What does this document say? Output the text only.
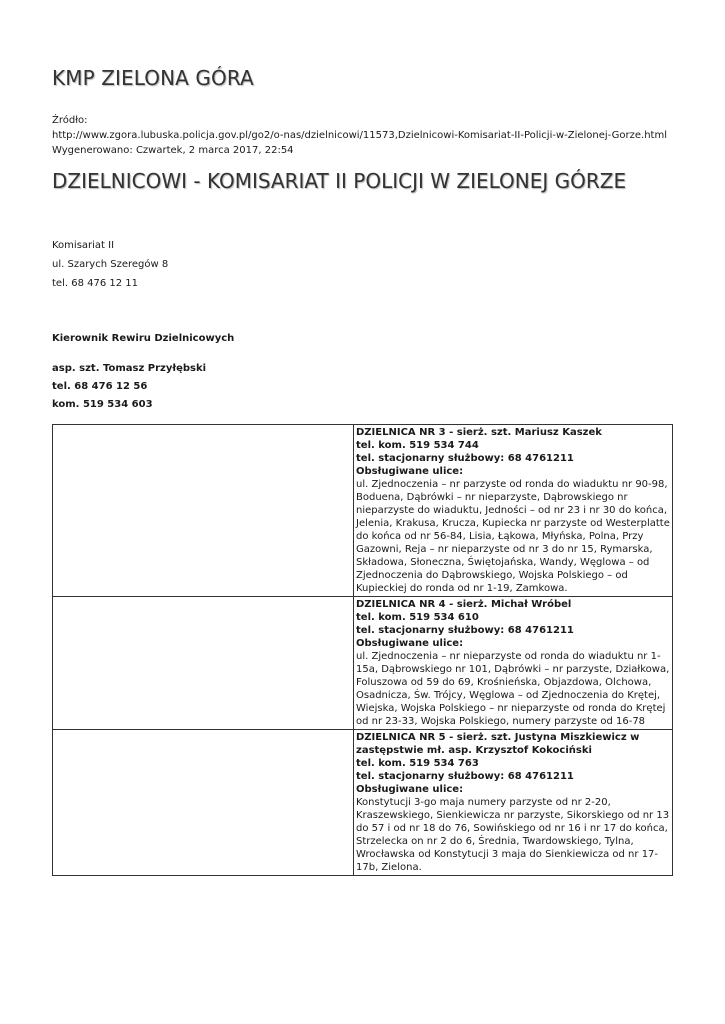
KMP ZIELONA GÓRA
Źródło:
http://www.zgora.lubuska.policja.gov.pl/go2/o-nas/dzielnicowi/11573,Dzielnicowi-Komisariat-II-Policji-w-Zielonej-Gorze.html
Wygenerowano: Czwartek, 2 marca 2017, 22:54
DZIELNICOWI - KOMISARIAT II POLICJI W ZIELONEJ GÓRZE
Komisariat II
ul. Szarych Szeregów 8
tel. 68 476 12 11
Kierownik Rewiru Dzielnicowych
asp. szt. Tomasz Przyłębski
tel. 68 476 12 56
kom. 519 534 603

	DZIELNICA NR 3 - sierż. szt. Mariusz Kaszek
tel. kom. 519 534 744
tel. stacjonarny służbowy: 68 4761211
Obsługiwane ulice:
ul. Zjednoczenia – nr parzyste od ronda do wiaduktu nr 90-98, Boduena, Dąbrówki – nr nieparzyste, Dąbrowskiego nr nieparzyste do wiaduktu, Jedności – od nr 23 i nr 30 do końca, Jelenia, Krakusa, Krucza, Kupiecka nr parzyste od Westerplatte do końca od nr 56-84, Lisia, Łąkowa, Młyńska, Polna, Przy Gazowni, Reja – nr nieparzyste od nr 3 do nr 15, Rymarska, Składowa, Słoneczna, Świętojańska, Wandy, Węglowa – od Zjednoczenia do Dąbrowskiego, Wojska Polskiego – od Kupieckiej do ronda od nr 1-19, Zamkowa.

	DZIELNICA NR 4 - sierż. Michał Wróbel
tel. kom. 519 534 610
tel. stacjonarny służbowy: 68 4761211
Obsługiwane ulice:
ul. Zjednoczenia – nr nieparzyste od ronda do wiaduktu nr 1-15a, Dąbrowskiego nr 101, Dąbrówki – nr parzyste, Działkowa, Foluszowa od 59 do 69, Krośnieńska, Objazdowa, Olchowa, Osadnicza, Św. Trójcy, Węglowa – od Zjednoczenia do Krętej, Wiejska, Wojska Polskiego – nr nieparzyste od ronda do Krętej od nr 23-33, Wojska Polskiego, numery parzyste od 16-78

	DZIELNICA NR 5 - sierż. szt. Justyna Miszkiewicz w zastępstwie mł. asp. Krzysztof Kokociński
tel. kom. 519 534 763
tel. stacjonarny służbowy: 68 4761211
Obsługiwane ulice:
Konstytucji 3-go maja numery parzyste od nr 2-20, Kraszewskiego, Sienkiewicza nr parzyste, Sikorskiego od nr 13 do 57 i od nr 18 do 76, Sowińskiego od nr 16 i nr 17 do końca, Strzelecka on nr 2 do 6, Średnia, Twardowskiego, Tylna, Wrocławska od Konstytucji 3 maja do Sienkiewicza od nr 17-17b, Zielona.
